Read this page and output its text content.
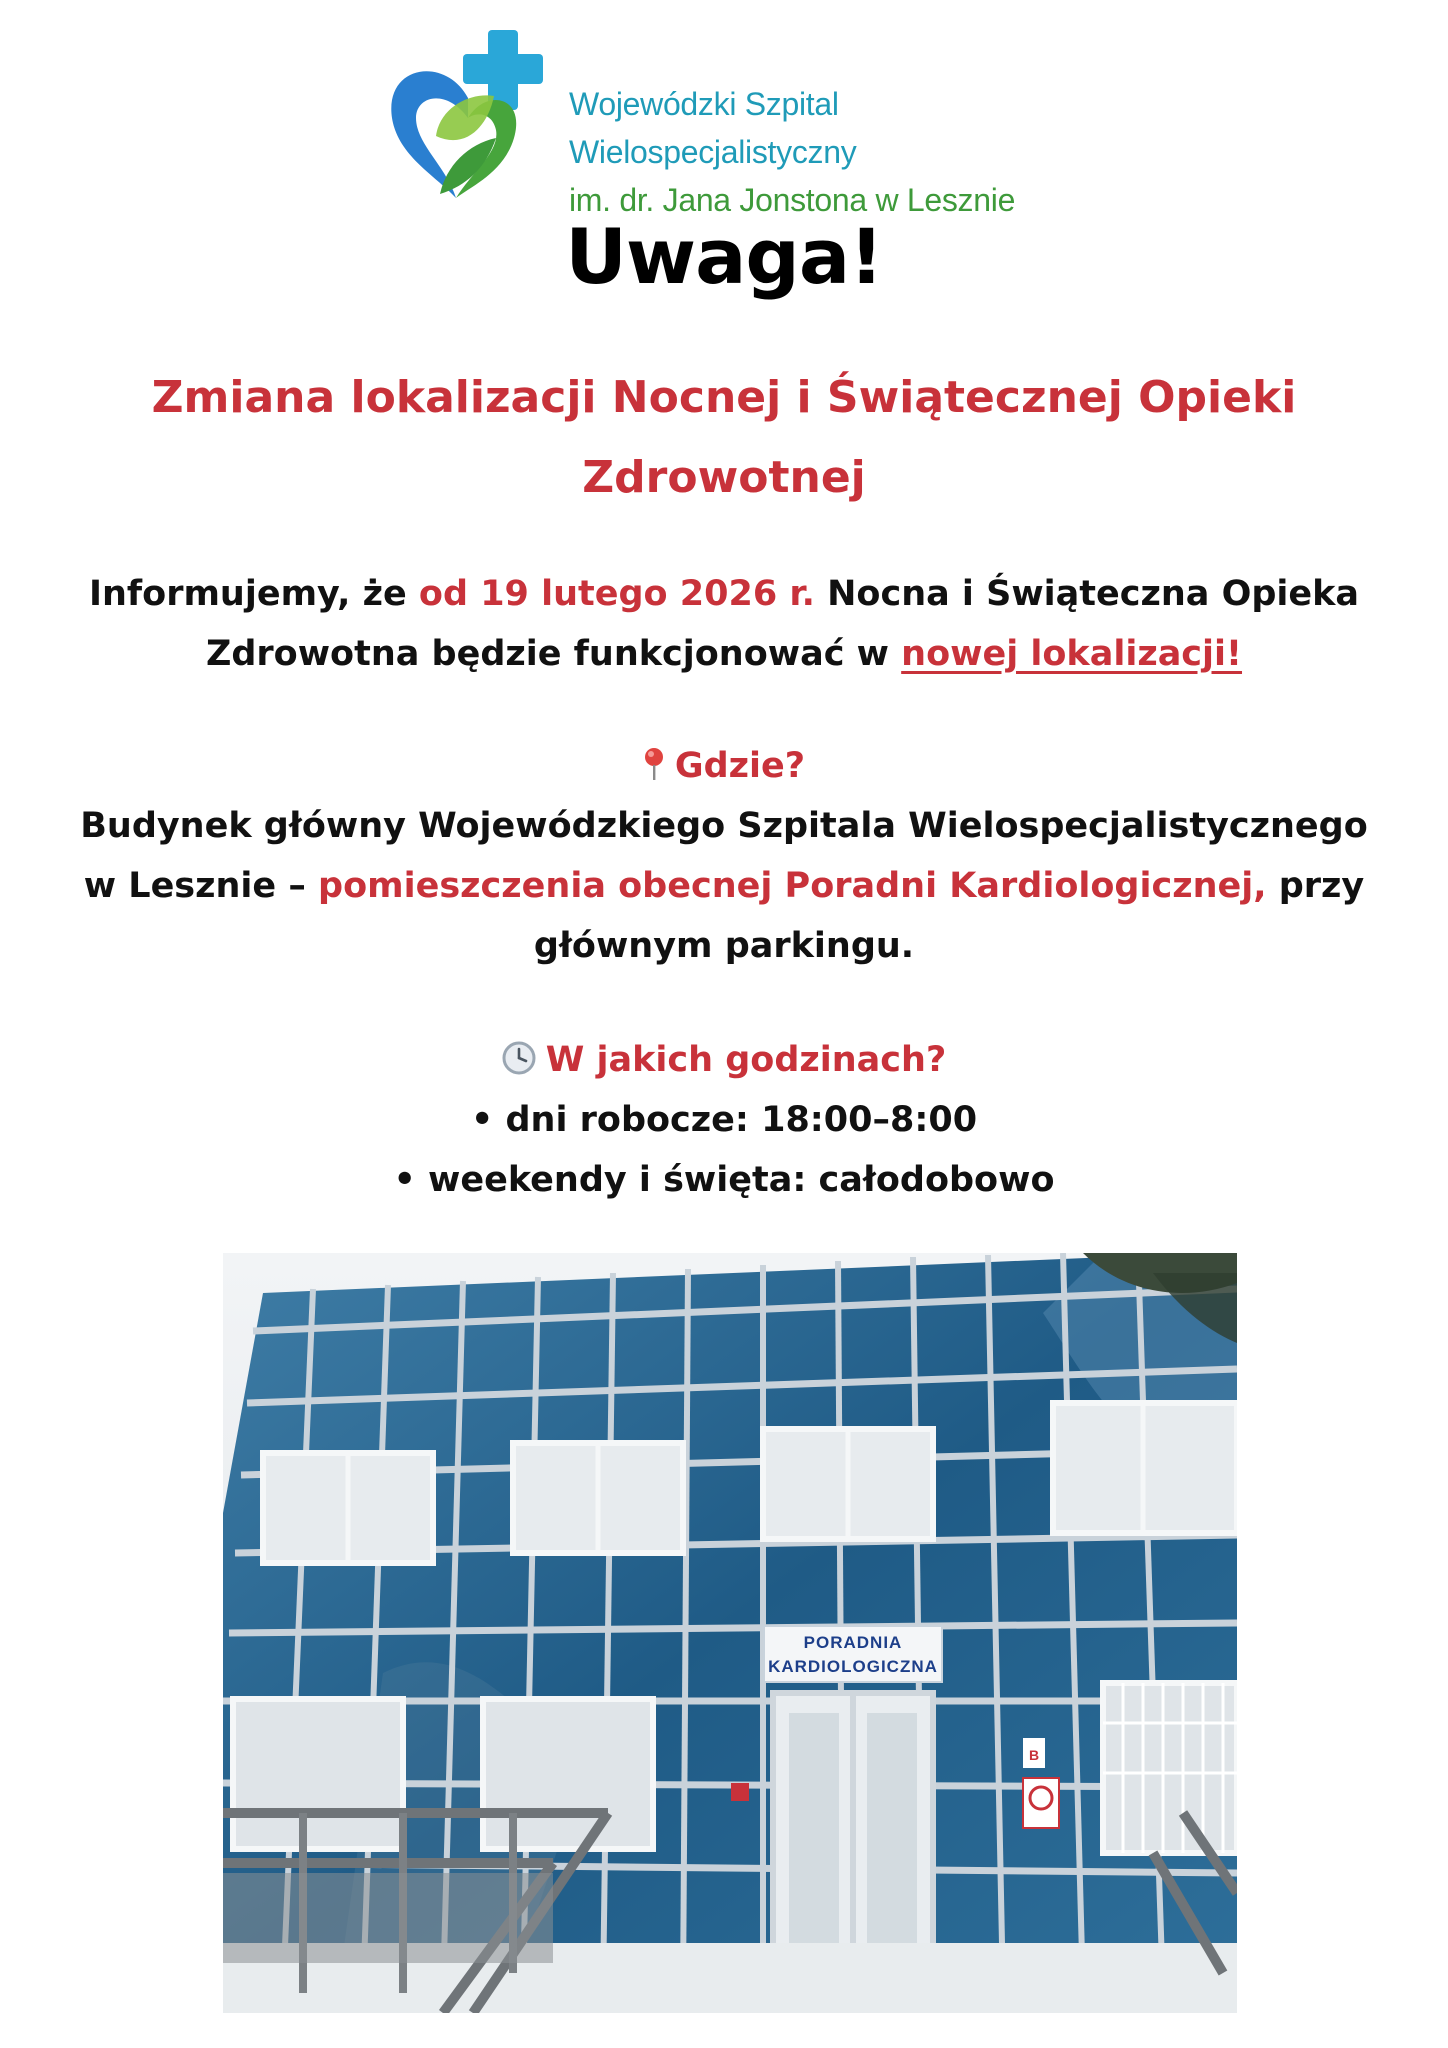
Wojewódzki Szpital Wielospecjalistyczny
im. dr. Jana Jonstona w Lesznie
Uwaga!
Zmiana lokalizacji Nocnej i Świątecznej Opieki Zdrowotnej
Informujemy, że od 19 lutego 2026 r. Nocna i Świąteczna Opieka Zdrowotna będzie funkcjonować w nowej lokalizacji!
Gdzie?
Budynek główny Wojewódzkiego Szpitala Wielospecjalistycznego w Lesznie – pomieszczenia obecnej Poradni Kardiologicznej, przy głównym parkingu.
W jakich godzinach?
• dni robocze: 18:00–8:00
• weekendy i święta: całodobowo
B
PORADNIA
KARDIOLOGICZNA
